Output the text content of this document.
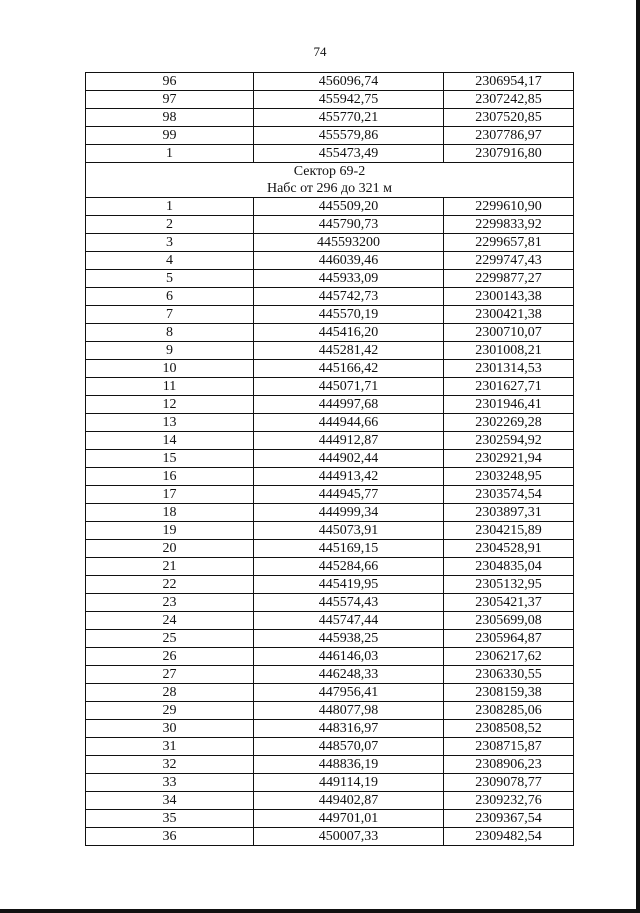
74
96	456096,74	2306954,17
97	455942,75	2307242,85
98	455770,21	2307520,85
99	455579,86	2307786,97
1	455473,49	2307916,80

Сектор 69-2
Набс от 296 до 321 м		

1	445509,20	2299610,90
2	445790,73	2299833,92
3	445593200	2299657,81
4	446039,46	2299747,43
5	445933,09	2299877,27
6	445742,73	2300143,38
7	445570,19	2300421,38
8	445416,20	2300710,07
9	445281,42	2301008,21
10	445166,42	2301314,53
11	445071,71	2301627,71
12	444997,68	2301946,41
13	444944,66	2302269,28
14	444912,87	2302594,92
15	444902,44	2302921,94
16	444913,42	2303248,95
17	444945,77	2303574,54
18	444999,34	2303897,31
19	445073,91	2304215,89
20	445169,15	2304528,91
21	445284,66	2304835,04
22	445419,95	2305132,95
23	445574,43	2305421,37
24	445747,44	2305699,08
25	445938,25	2305964,87
26	446146,03	2306217,62
27	446248,33	2306330,55
28	447956,41	2308159,38
29	448077,98	2308285,06
30	448316,97	2308508,52
31	448570,07	2308715,87
32	448836,19	2308906,23
33	449114,19	2309078,77
34	449402,87	2309232,76
35	449701,01	2309367,54
36	450007,33	2309482,54
